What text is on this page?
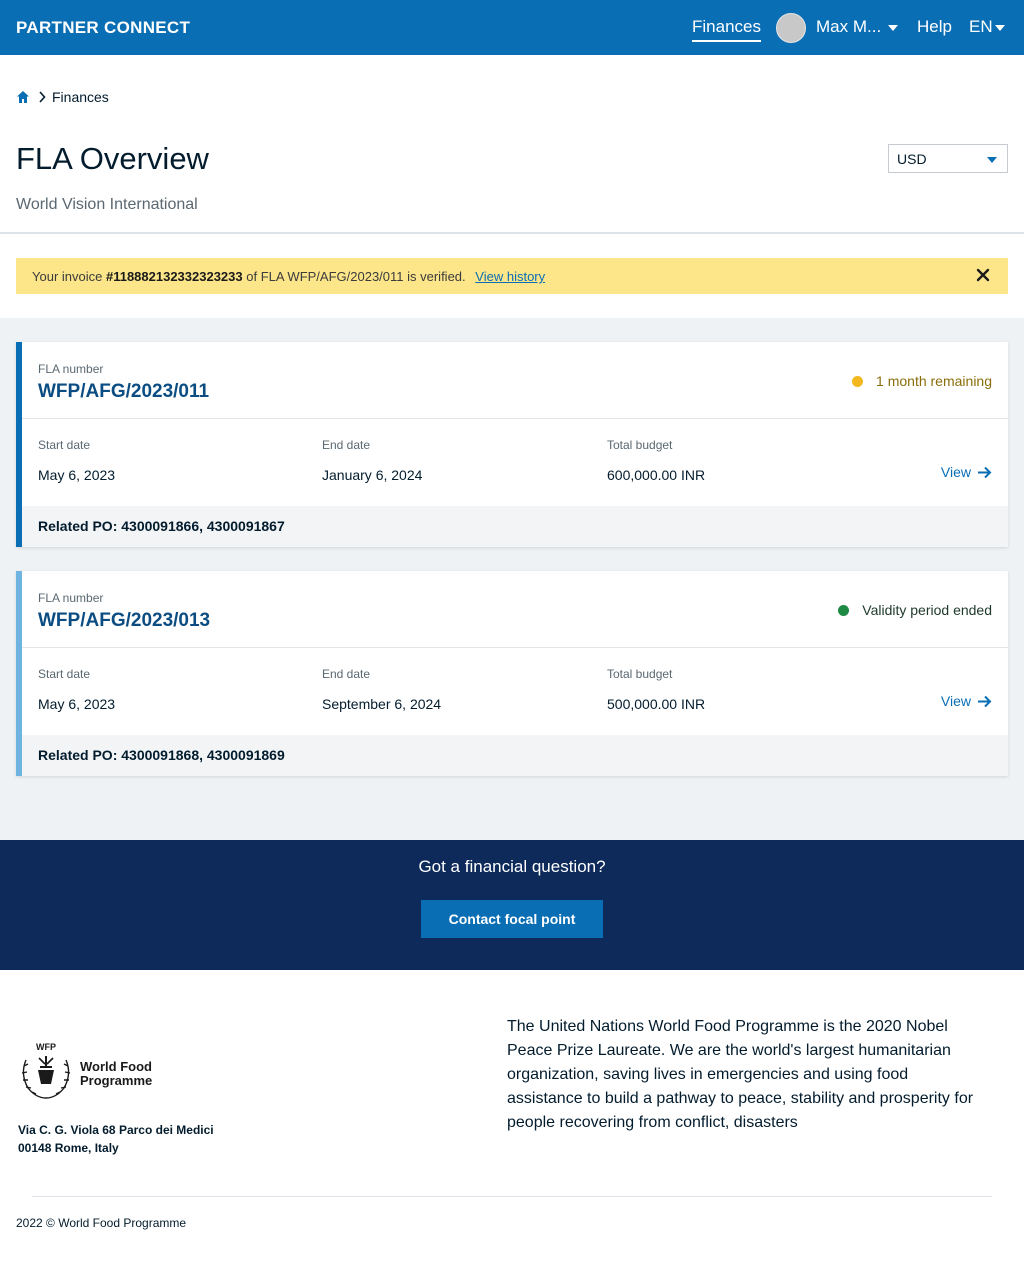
PARTNER CONNECT	Finances	Max M... Help EN
Finances
FLA Overview
World Vision International
USD
Your invoice #118882132332323233 of FLA WFP/AFG/2023/011 is verified. View history
FLA number
WFP/AFG/2023/011	1 month remaining
Start date
May 6, 2023
End date
January 6, 2024
Total budget
600,000.00 INR	View
Related PO: 4300091866, 4300091867
FLA number
WFP/AFG/2023/013	Validity period ended
Start date
May 6, 2023
End date
September 6, 2024
Total budget
500,000.00 INR	View
Related PO: 4300091868, 4300091869
Got a financial question?
Contact focal point
WFP
World Food
Programme
Via C. G. Viola 68 Parco dei Medici
00148 Rome, Italy
The United Nations World Food Programme is the 2020 Nobel Peace Prize Laureate. We are the world's largest humanitarian organization, saving lives in emergencies and using food assistance to build a pathway to peace, stability and prosperity for people recovering from conflict, disasters
2022 © World Food Programme
